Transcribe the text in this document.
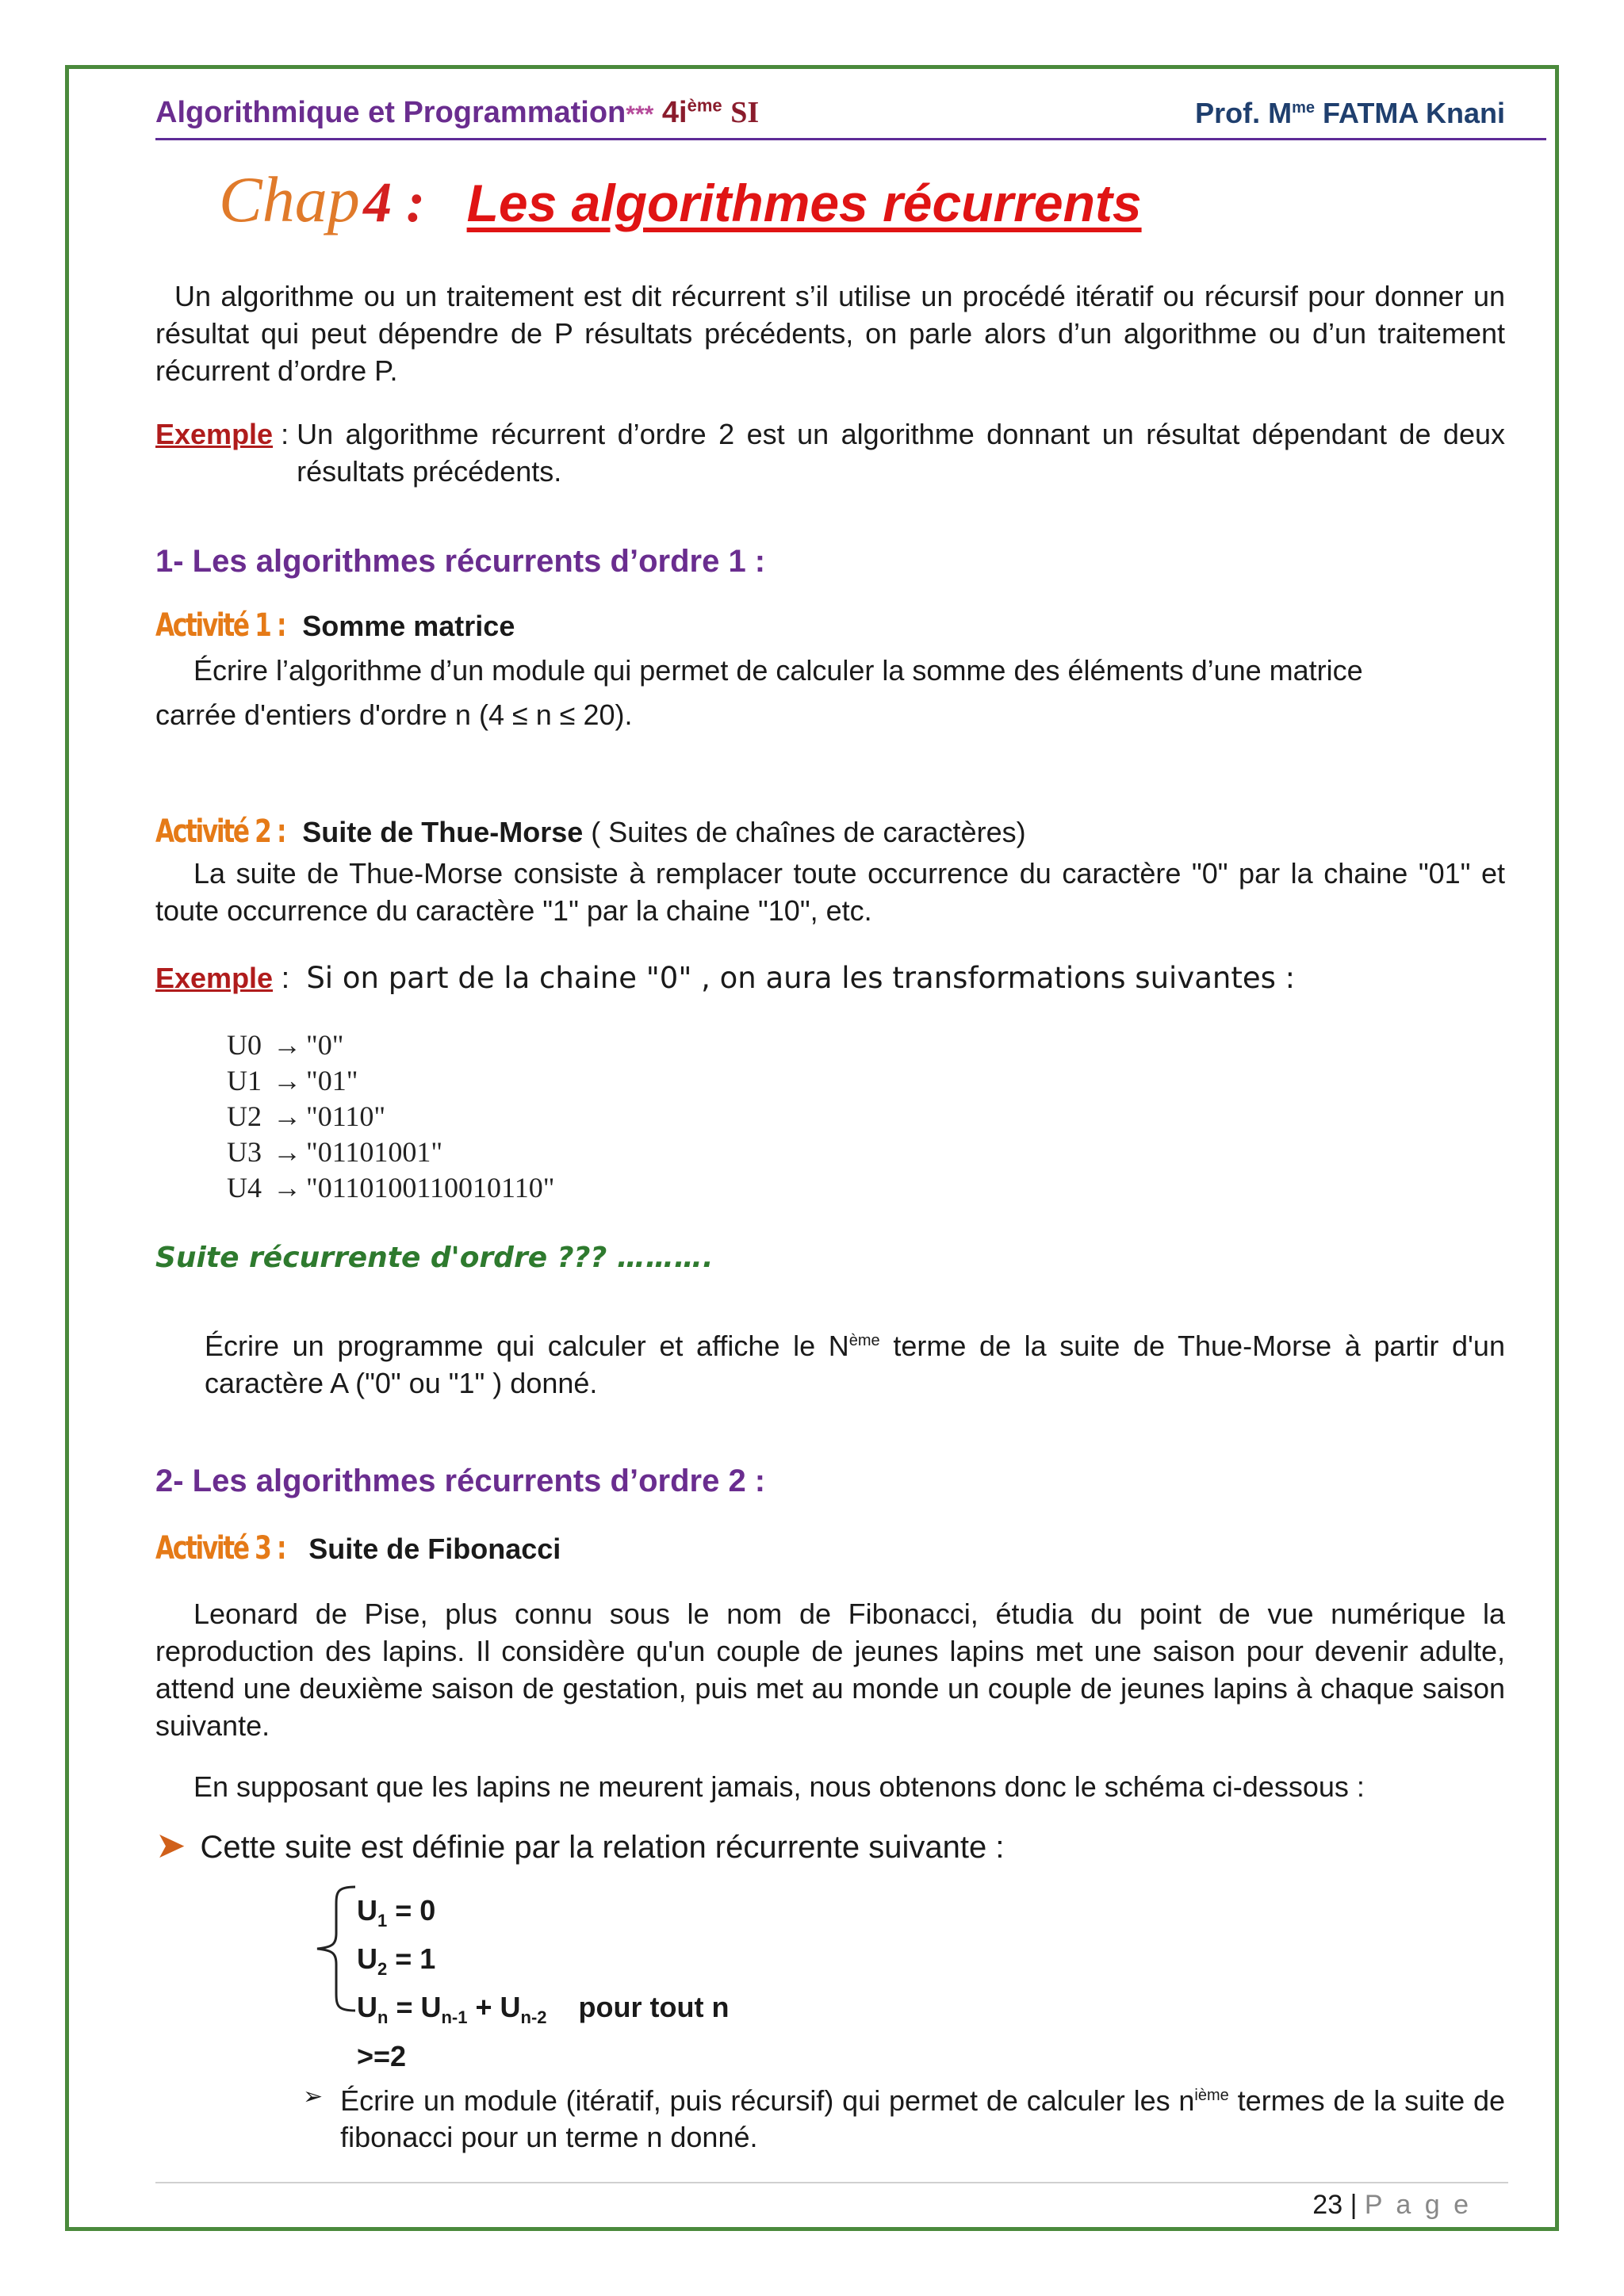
Algorithmique et Programmation*** $4i^{ème}$ SI	Prof. $M^{me}$ FATMA Knani
Chap 4 : Les algorithmes récurrents

Un algorithme ou un traitement est dit récurrent s’il utilise un procédé itératif ou récursif pour donner un résultat qui peut dépendre de P résultats précédents, on parle alors d’un algorithme ou d’un traitement récurrent d’ordre P.

Exemple : Un algorithme récurrent d’ordre 2 est un algorithme donnant un résultat dépendant de deux résultats précédents.
1- Les algorithmes récurrents d’ordre 1 :
Activité 1 : Somme matrice

Écrire l’algorithme d’un module qui permet de calculer la somme des éléments d’une matrice

carrée d'entiers d'ordre n (4 ≤ n ≤ 20).

Activité 2 : Suite de Thue-Morse ( Suites de chaînes de caractères)

La suite de Thue-Morse consiste à remplacer toute occurrence du caractère "0" par la chaine "01" et toute occurrence du caractère "1" par la chaine "10", etc.

Exemple :  Si on part de la chaine "0" , on aura les transformations suivantes :
U0 → "0"
U1 → "01"
U2 → "0110"
U3 → "01101001"
U4 → "0110100110010110"
Suite récurrente d'ordre ??? ……….

Écrire un programme qui calculer et affiche le $N^{ème}$ terme de la suite de Thue-Morse à partir d'un caractère A ("0" ou "1" ) donné.

2- Les algorithmes récurrents d’ordre 2 :
Activité 3 : Suite de Fibonacci

Leonard de Pise, plus connu sous le nom de Fibonacci, étudia du point de vue numérique la reproduction des lapins. Il considère qu'un couple de jeunes lapins met une saison pour devenir adulte, attend une deuxième saison de gestation, puis met au monde un couple de jeunes lapins à chaque saison suivante.

En supposant que les lapins ne meurent jamais, nous obtenons donc le schéma ci-dessous :

➤ Cette suite est définie par la relation récurrente suivante :
$U_1 = 0$
$U_2 = 1$
$U_n = U_{n-1} + U_{n-2}$ pour tout n >=2
➢ Écrire un module (itératif, puis récursif) qui permet de calculer les $n^{ième}$ termes de la suite de fibonacci pour un terme n donné.
23 | P a g e
